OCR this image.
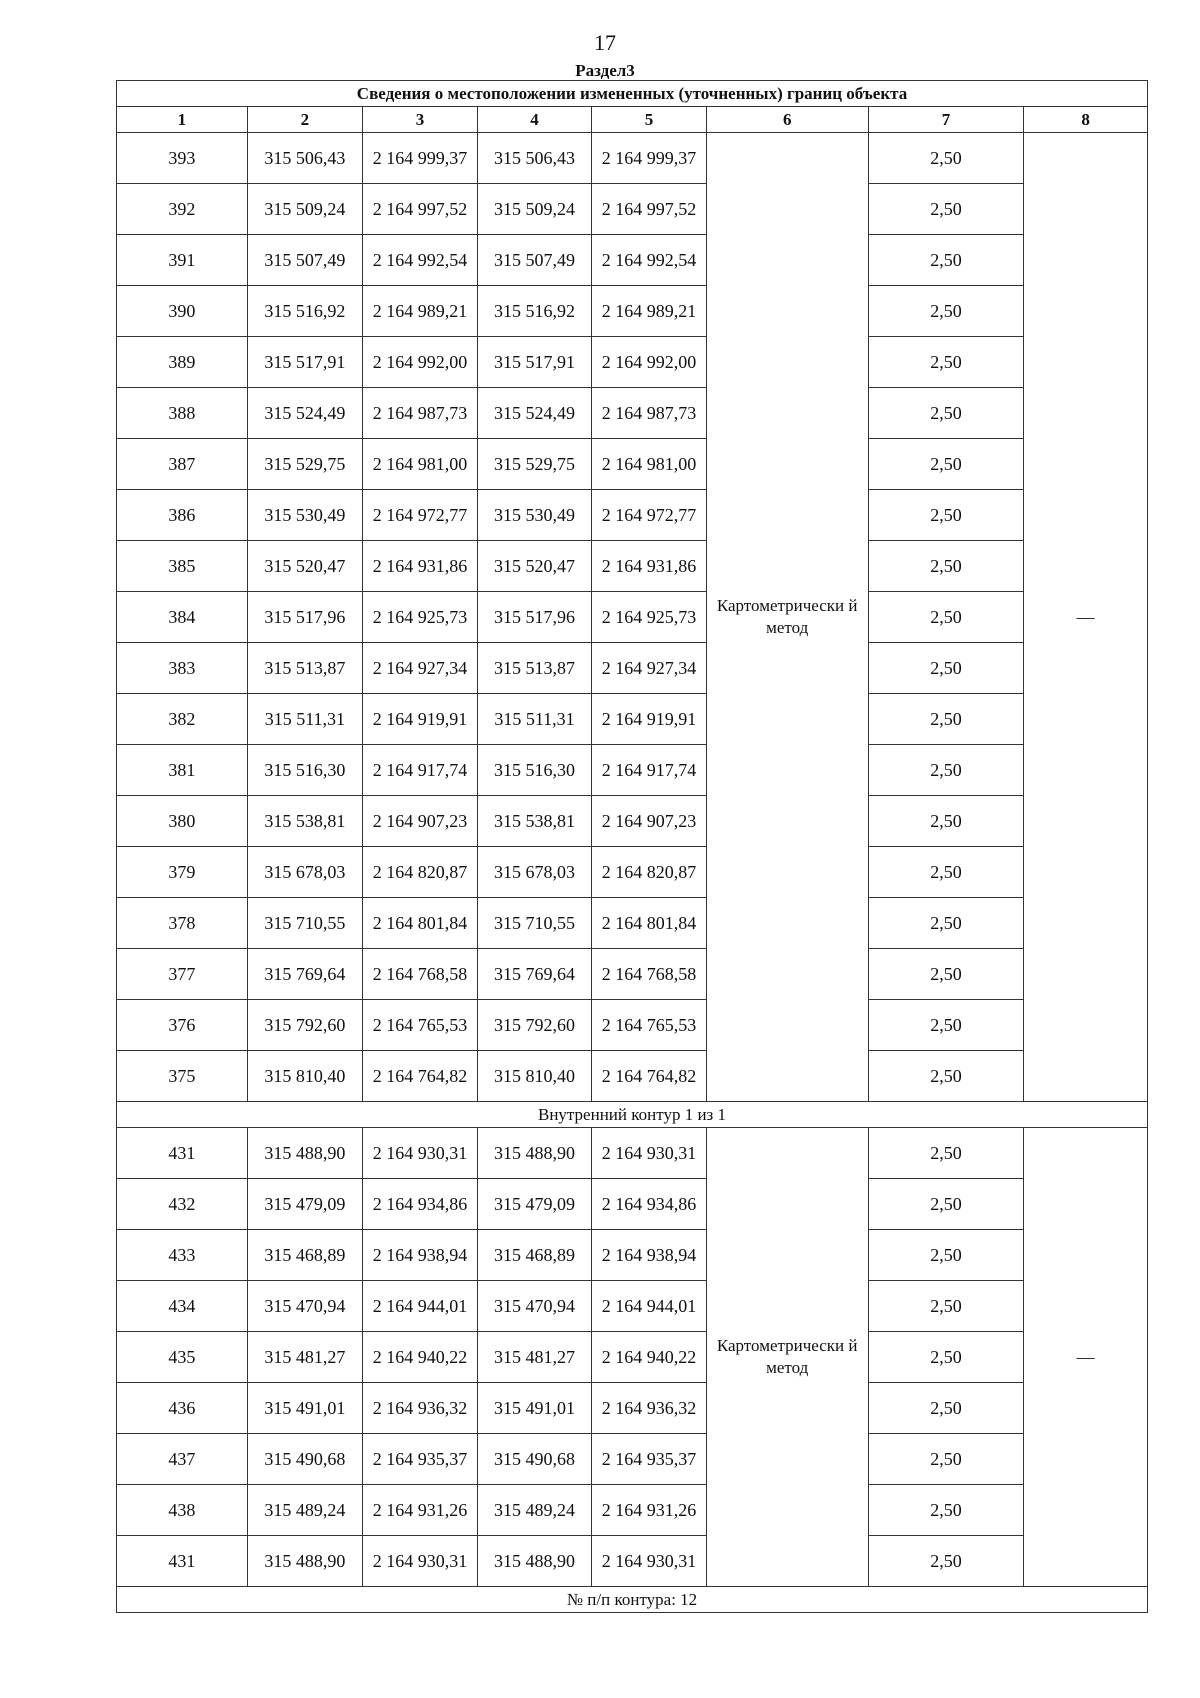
17
Раздел3
Сведения о местоположении измененных (уточненных) границ объекта							
1	2	3	4	5	6	7	8
393	315 506,43	2 164 999,37	315 506,43	2 164 999,37	Картометрически й метод	2,50	—
392	315 509,24	2 164 997,52	315 509,24	2 164 997,52		2,50	
391	315 507,49	2 164 992,54	315 507,49	2 164 992,54		2,50	
390	315 516,92	2 164 989,21	315 516,92	2 164 989,21		2,50	
389	315 517,91	2 164 992,00	315 517,91	2 164 992,00		2,50	
388	315 524,49	2 164 987,73	315 524,49	2 164 987,73		2,50	
387	315 529,75	2 164 981,00	315 529,75	2 164 981,00		2,50	
386	315 530,49	2 164 972,77	315 530,49	2 164 972,77		2,50	
385	315 520,47	2 164 931,86	315 520,47	2 164 931,86		2,50	
384	315 517,96	2 164 925,73	315 517,96	2 164 925,73		2,50	
383	315 513,87	2 164 927,34	315 513,87	2 164 927,34		2,50	
382	315 511,31	2 164 919,91	315 511,31	2 164 919,91		2,50	
381	315 516,30	2 164 917,74	315 516,30	2 164 917,74		2,50	
380	315 538,81	2 164 907,23	315 538,81	2 164 907,23		2,50	
379	315 678,03	2 164 820,87	315 678,03	2 164 820,87		2,50	
378	315 710,55	2 164 801,84	315 710,55	2 164 801,84		2,50	
377	315 769,64	2 164 768,58	315 769,64	2 164 768,58		2,50	
376	315 792,60	2 164 765,53	315 792,60	2 164 765,53		2,50	
375	315 810,40	2 164 764,82	315 810,40	2 164 764,82		2,50	
Внутренний контур 1 из 1							
431	315 488,90	2 164 930,31	315 488,90	2 164 930,31	Картометрически й метод	2,50	—
432	315 479,09	2 164 934,86	315 479,09	2 164 934,86		2,50	
433	315 468,89	2 164 938,94	315 468,89	2 164 938,94		2,50	
434	315 470,94	2 164 944,01	315 470,94	2 164 944,01		2,50	
435	315 481,27	2 164 940,22	315 481,27	2 164 940,22		2,50	
436	315 491,01	2 164 936,32	315 491,01	2 164 936,32		2,50	
437	315 490,68	2 164 935,37	315 490,68	2 164 935,37		2,50	
438	315 489,24	2 164 931,26	315 489,24	2 164 931,26		2,50	
431	315 488,90	2 164 930,31	315 488,90	2 164 930,31		2,50	
№ п/п контура: 12							
